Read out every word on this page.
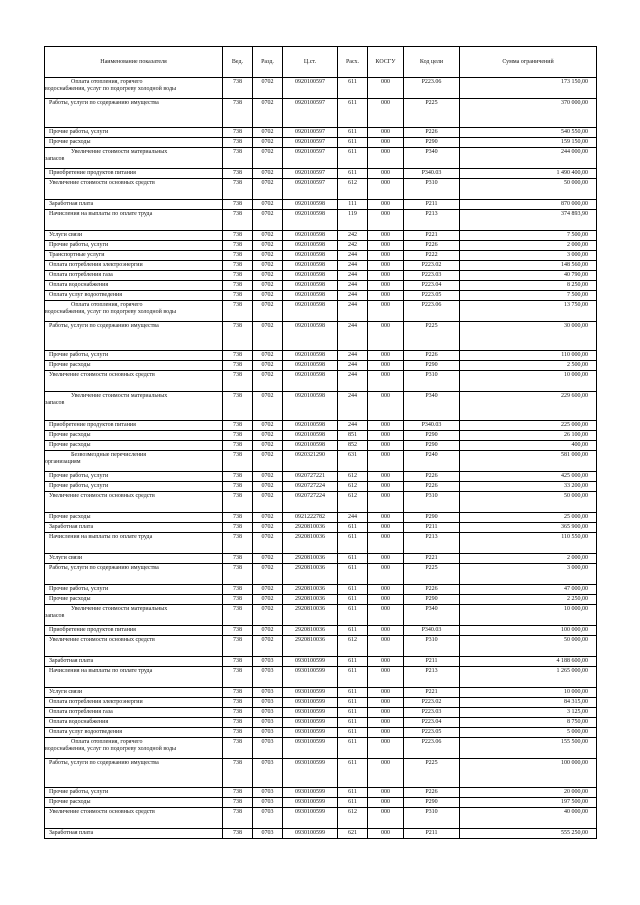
Наименование показателя	Вед.	Разд.	Ц.ст.	Расх.	КОСГУ	Код цели	Сумма ограничений

Оплата отопления, горячего
водоснабжения, услуг по подогреву холодной воды	738	0702	0920100597	611	000	Р223.06	173 150,00
Работы, услуги по содержанию имущества	738	0702	0920100597	611	000	Р225	370 000,00
Прочие работы, услуги	738	0702	0920100597	611	000	Р226	540 550,00
Прочие расходы	738	0702	0920100597	611	000	Р290	159 150,00

Увеличение стоимости материальных
запасов	738	0702	0920100597	611	000	Р340	244 000,00
Приобретение продуктов питания	738	0702	0920100597	611	000	Р340.03	1 490 400,00
Увеличение стоимости основных средств	738	0702	0920100597	612	000	Р310	50 000,00
Заработная плата	738	0702	0920100598	111	000	Р211	870 000,00
Начисления на выплаты по оплате труда	738	0702	0920100598	119	000	Р213	374 893,90
Услуги связи	738	0702	0920100598	242	000	Р221	7 500,00
Прочие работы, услуги	738	0702	0920100598	242	000	Р226	2 000,00
Транспортные услуги	738	0702	0920100598	244	000	Р222	3 000,00
Оплата потребления электроэнергии	738	0702	0920100598	244	000	Р223.02	148 560,00
Оплата потребления газа	738	0702	0920100598	244	000	Р223.03	40 790,00
Оплата водоснабжения	738	0702	0920100598	244	000	Р223.04	8 250,00
Оплата услуг водоотведения	738	0702	0920100598	244	000	Р223.05	7 500,00

Оплата отопления, горячего
водоснабжения, услуг по подогреву холодной воды	738	0702	0920100598	244	000	Р223.06	13 750,00
Работы, услуги по содержанию имущества	738	0702	0920100598	244	000	Р225	30 000,00
Прочие работы, услуги	738	0702	0920100598	244	000	Р226	110 000,00
Прочие расходы	738	0702	0920100598	244	000	Р290	2 500,00
Увеличение стоимости основных средств	738	0702	0920100598	244	000	Р310	10 000,00

Увеличение стоимости материальных
запасов	738	0702	0920100598	244	000	Р340	229 600,00
Приобретение продуктов питания	738	0702	0920100598	244	000	Р340.03	225 000,00
Прочие расходы	738	0702	0920100598	851	000	Р290	26 100,00
Прочие расходы	738	0702	0920100598	852	000	Р290	400,00

Безвозмездные перечисления
организациям	738	0702	0920321290	631	000	Р240	581 000,00
Прочие работы, услуги	738	0702	0920727221	612	000	Р226	425 000,00
Прочие работы, услуги	738	0702	0920727224	612	000	Р226	33 200,00
Увеличение стоимости основных средств	738	0702	0920727224	612	000	Р310	50 000,00
Прочие расходы	738	0702	0921222782	244	000	Р290	25 000,00
Заработная плата	738	0702	2920810036	611	000	Р211	365 900,00
Начисления на выплаты по оплате труда	738	0702	2920810036	611	000	Р213	110 550,00
Услуги связи	738	0702	2920810036	611	000	Р221	2 000,00
Работы, услуги по содержанию имущества	738	0702	2920810036	611	000	Р225	3 000,00
Прочие работы, услуги	738	0702	2920810036	611	000	Р226	47 000,00
Прочие расходы	738	0702	2920810036	611	000	Р290	2 250,00

Увеличение стоимости материальных
запасов	738	0702	2920810036	611	000	Р340	10 000,00
Приобретение продуктов питания	738	0702	2920810036	611	000	Р340.03	100 000,00
Увеличение стоимости основных средств	738	0702	2920810036	612	000	Р310	50 000,00
Заработная плата	738	0703	0930100599	611	000	Р211	4 188 600,00
Начисления на выплаты по оплате труда	738	0703	0930100599	611	000	Р213	1 265 000,00
Услуги связи	738	0703	0930100599	611	000	Р221	10 000,00
Оплата потребления электроэнергии	738	0703	0930100599	611	000	Р223.02	84 315,00
Оплата потребления газа	738	0703	0930100599	611	000	Р223.03	3 125,00
Оплата водоснабжения	738	0703	0930100599	611	000	Р223.04	8 750,00
Оплата услуг водоотведения	738	0703	0930100599	611	000	Р223.05	5 000,00

Оплата отопления, горячего
водоснабжения, услуг по подогреву холодной воды	738	0703	0930100599	611	000	Р223.06	155 500,00
Работы, услуги по содержанию имущества	738	0703	0930100599	611	000	Р225	100 000,00
Прочие работы, услуги	738	0703	0930100599	611	000	Р226	20 000,00
Прочие расходы	738	0703	0930100599	611	000	Р290	197 500,00
Увеличение стоимости основных средств	738	0703	0930100599	612	000	Р310	40 000,00
Заработная плата	738	0703	0930100599	621	000	Р211	555 250,00
